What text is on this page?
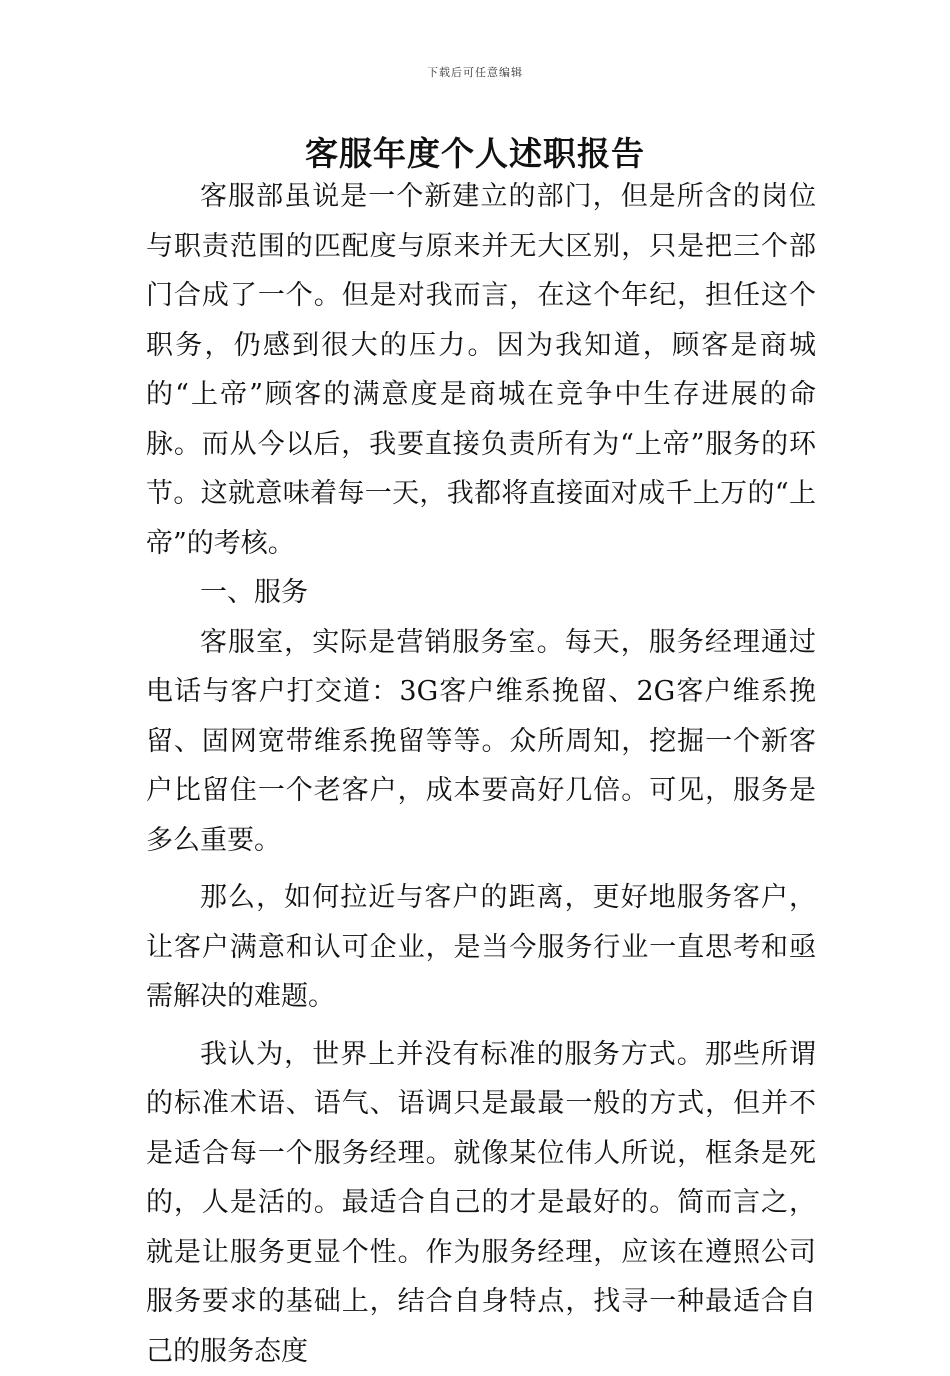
下载后可任意编辑
客服年度个人述职报告

客服部虽说是一个新建立的部门，但是所含的岗位与职责范围的匹配度与原来并无大区别，只是把三个部门合成了一个。但是对我而言，在这个年纪，担任这个职务，仍感到很大的压力。因为我知道，顾客是商城的“上帝”顾客的满意度是商城在竞争中生存进展的命脉。而从今以后，我要直接负责所有为“上帝”服务的环节。这就意味着每一天，我都将直接面对成千上万的“上帝”的考核。

一、服务

客服室，实际是营销服务室。每天，服务经理通过电话与客户打交道：3G客户维系挽留、2G客户维系挽留、固网宽带维系挽留等等。众所周知，挖掘一个新客户比留住一个老客户，成本要高好几倍。可见，服务是多么重要。

那么，如何拉近与客户的距离，更好地服务客户，让客户满意和认可企业，是当今服务行业一直思考和亟需解决的难题。

我认为，世界上并没有标准的服务方式。那些所谓的标准术语、语气、语调只是最最一般的方式，但并不是适合每一个服务经理。就像某位伟人所说，框条是死的，人是活的。最适合自己的才是最好的。简而言之，就是让服务更显个性。作为服务经理，应该在遵照公司服务要求的基础上，结合自身特点，找寻一种最适合自己的服务态度
